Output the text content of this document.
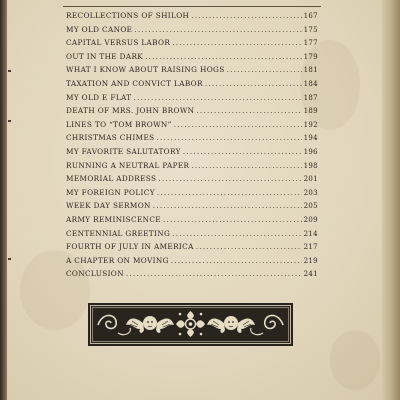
RECOLLECTIONS OF SHILOH .....	167
MY OLD CANOE .....	175
CAPITAL VERSUS LABOR .....	177
OUT IN THE DARK .....	179
WHAT I KNOW ABOUT RAISING HOGS .....	181
TAXATION AND CONVICT LABOR .....	184
MY OLD E FLAT .....	187
DEATH OF MRS. JOHN BROWN .....	189
LINES TO “TOM BROWN” .....	192
CHRISTMAS CHIMES .....	194
MY FAVORITE SALUTATORY .....	196
RUNNING A NEUTRAL PAPER .....	198
MEMORIAL ADDRESS .....	201
MY FOREIGN POLICY .....	203
WEEK DAY SERMON .....	205
ARMY REMINISCENCE .....	209
CENTENNIAL GREETING .....	214
FOURTH OF JULY IN AMERICA .....	217
A CHAPTER ON MOVING .....	219
CONCLUSION .....	241
